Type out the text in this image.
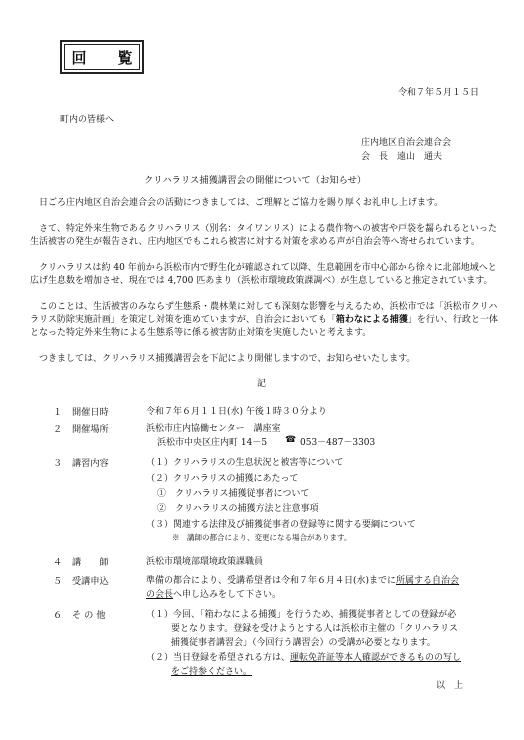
回　覧
令和７年５月１５日
町内の皆様へ
庄内地区自治会連合会
会　長　遠山　通夫
クリハラリス捕獲講習会の開催について（お知らせ）
日ごろ庄内地区自治会連合会の活動につきましては、ご理解とご協力を賜り厚くお礼申し上げます。
さて、特定外来生物であるクリハラリス（別名：タイワンリス）による農作物への被害や戸袋を齧られるといった生活被害の発生が報告され、庄内地区でもこれら被害に対する対策を求める声が自治会等へ寄せられています。
クリハラリスは約 40 年前から浜松市内で野生化が確認されて以降、生息範囲を市中心部から徐々に北部地域へと広げ生息数を増加させ、現在では 4,700 匹あまり（浜松市環境政策課調べ）が生息していると推定されています。
このことは、生活被害のみならず生態系・農林業に対しても深刻な影響を与えるため、浜松市では「浜松市クリハラリス防除実施計画」を策定し対策を進めていますが、自治会においても「箱わなによる捕獲」を行い、行政と一体となった特定外来生物による生態系等に係る被害防止対策を実施したいと考えます。
つきましては、クリハラリス捕獲講習会を下記により開催しますので、お知らせいたします。
記
１ 開催日時	令和７年６月１１日(水) 午後１時３０分より
２ 開催場所	浜松市庄内協働センター　講座室
浜松市中央区庄内町 14－5 ☎ 053－487－3303
３ 講習内容	（１）クリハラリスの生息状況と被害等について
（２）クリハラリスの捕獲にあたって
①　クリハラリス捕獲従事者について
②　クリハラリスの捕獲方法と注意事項
（３）関連する法律及び捕獲従事者の登録等に関する要綱について
※　講師の都合により、変更になる場合があります。
４ 講　　師	浜松市環境部環境政策課職員
５ 受講申込	準備の都合により、受講希望者は令和７年６月４日(水)までに所属する自治会
の会長へ申し込みをして下さい。
６ そ の 他	（１）今回、「箱わなによる捕獲」を行うため、捕獲従事者としての登録が必
要となります。登録を受けようとする人は浜松市主催の「クリハラリス
捕獲従事者講習会」（今回行う講習会）の受講が必要となります。
（２）当日登録を希望される方は、運転免許証等本人確認ができるものの写し
をご持参ください。
以　上
